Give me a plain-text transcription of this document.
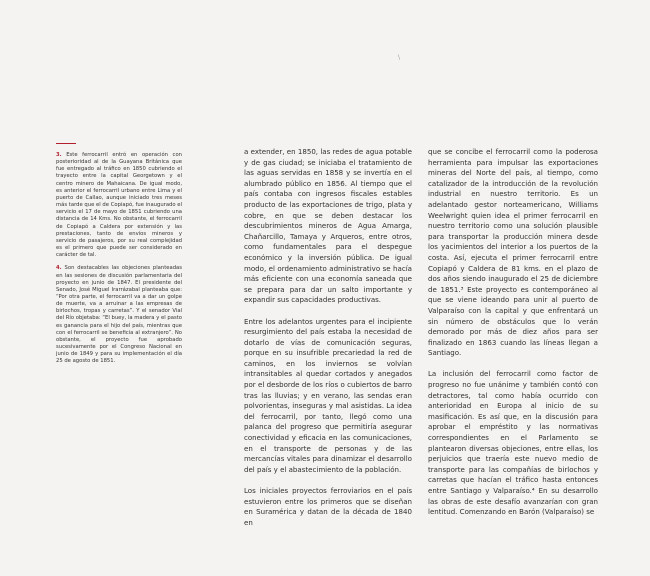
\

3. Este ferrocarril entró en operación con posterioridad al de la Guayana Británica que fue entregado al tráfico en 1850 cubriendo el trayecto entre la capital Georgetown y el centro minero de Mahaicana. De igual modo, es anterior el ferrocarril urbano entre Lima y el puerto de Callao, aunque iniciado tres meses más tarde que el de Copiapó, fue inaugurado el servicio el 17 de mayo de 1851 cubriendo una distancia de 14 Kms. No obstante, el ferrocarril de Copiapó a Caldera por extensión y las prestaciones, tanto de envíos mineros y servicio de pasajeros, por su real complejidad es el primero que puede ser considerado en carácter de tal.

4. Son destacables las objeciones planteadas en las sesiones de discusión parlamentaria del proyecto en junio de 1847. El presidente del Senado, José Miguel Irarrázabal planteaba que: “Por otra parte, el ferrocarril va a dar un golpe de muerte, va a arruinar a las empresas de birlochos, tropas y carretas”. Y el senador Vial del Río objetaba: “El buey, la madera y el pasto es ganancia para el hijo del país, mientras que con el ferrocarril se beneficia al extranjero”. No obstante, el proyecto fue aprobado sucesivamente por el Congreso Nacional en junio de 1849 y para su implementación el día 25 de agosto de 1851.

a extender, en 1850, las redes de agua potable y de gas ciudad; se iniciaba el tratamiento de las aguas servidas en 1858 y se invertía en el alumbrado público en 1856. Al tiempo que el país contaba con ingresos fiscales estables producto de las exportaciones de trigo, plata y cobre, en que se deben destacar los descubrimientos mineros de Agua Amarga, Chañarcillo, Tamaya y Arqueros, entre otros, como fundamentales para el despegue económico y la inversión pública. De igual modo, el ordenamiento administrativo se hacía más eficiente con una economía saneada que se prepara para dar un salto importante y expandir sus capacidades productivas.

Entre los adelantos urgentes para el incipiente resurgimiento del país estaba la necesidad de dotarlo de vías de comunicación seguras, porque en su insufrible precariedad la red de caminos, en los inviernos se volvían intransitables al quedar cortados y anegados por el desborde de los ríos o cubiertos de barro tras las lluvias; y en verano, las sendas eran polvorientas, inseguras y mal asistidas. La idea del ferrocarril, por tanto, llegó como una palanca del progreso que permitiría asegurar conectividad y eficacia en las comunicaciones, en el transporte de personas y de las mercancías vitales para dinamizar el desarrollo del país y el abastecimiento de la población.

Los iniciales proyectos ferroviarios en el país estuvieron entre los primeros que se diseñan en Suramérica y datan de la década de 1840 en

que se concibe el ferrocarril como la poderosa herramienta para impulsar las exportaciones mineras del Norte del país, al tiempo, como catalizador de la introducción de la revolución industrial en nuestro territorio. Es un adelantado gestor norteamericano, Williams Weelwright quien idea el primer ferrocarril en nuestro territorio como una solución plausible para transportar la producción minera desde los yacimientos del interior a los puertos de la costa. Así, ejecuta el primer ferrocarril entre Copiapó y Caldera de 81 kms. en el plazo de dos años siendo inaugurado el 25 de diciembre de 1851.³ Este proyecto es contemporáneo al que se viene ideando para unir al puerto de Valparaíso con la capital y que enfrentará un sin número de obstáculos que lo verán demorado por más de diez años para ser finalizado en 1863 cuando las líneas llegan a Santiago.

La inclusión del ferrocarril como factor de progreso no fue unánime y también contó con detractores, tal como había ocurrido con anterioridad en Europa al inicio de su masificación. Es así que, en la discusión para aprobar el empréstito y las normativas correspondientes en el Parlamento se plantearon diversas objeciones, entre ellas, los perjuicios que traería este nuevo medio de transporte para las compañías de birlochos y carretas que hacían el tráfico hasta entonces entre Santiago y Valparaíso.⁴ En su desarrollo las obras de este desafío avanzarían con gran lentitud. Comenzando en Barón (Valparaíso) se
